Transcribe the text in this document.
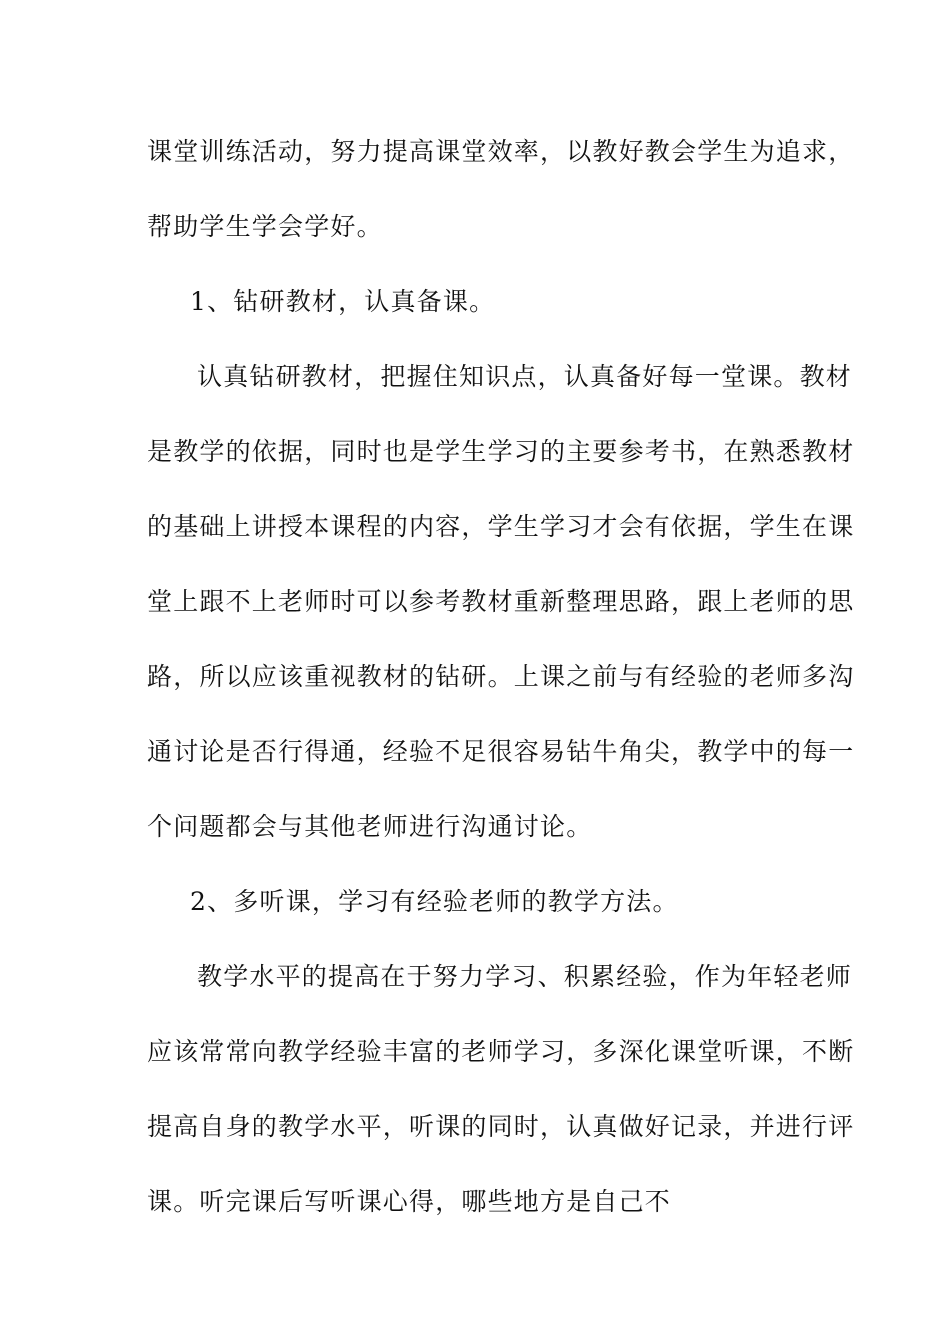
课堂训练活动，努力提高课堂效率，以教好教会学生为追求，
帮助学生学会学好。
1、钻研教材，认真备课。
认真钻研教材，把握住知识点，认真备好每一堂课。教材
是教学的依据，同时也是学生学习的主要参考书，在熟悉教材
的基础上讲授本课程的内容，学生学习才会有依据，学生在课
堂上跟不上老师时可以参考教材重新整理思路，跟上老师的思
路，所以应该重视教材的钻研。上课之前与有经验的老师多沟
通讨论是否行得通，经验不足很容易钻牛角尖，教学中的每一
个问题都会与其他老师进行沟通讨论。
2、多听课，学习有经验老师的教学方法。
教学水平的提高在于努力学习、积累经验，作为年轻老师
应该常常向教学经验丰富的老师学习，多深化课堂听课，不断
提高自身的教学水平，听课的同时，认真做好记录，并进行评
课。听完课后写听课心得，哪些地方是自己不
